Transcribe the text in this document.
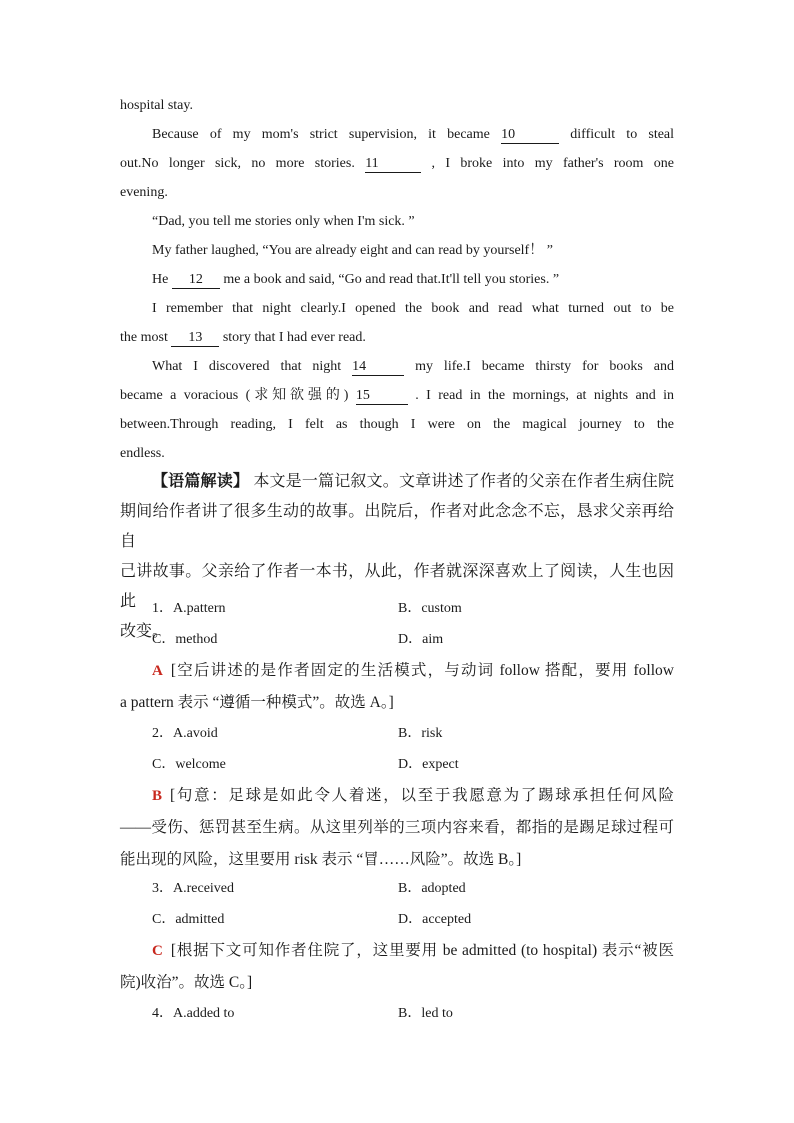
hospital stay.

Because of my mom's strict supervision, it became 10	difficult to steal

out.No longer sick, no more stories. 11	, I broke into my father's room one

evening.

“Dad, you tell me stories only when I'm sick. ”

My father laughed, “You are already eight and can read by yourself！ ”

He 12 me a book and said, “Go and read that.It'll tell you stories. ”

I remember that night clearly.I opened the book and read what turned out to be

the most 13 story that I had ever read.

What I discovered that night 14	my life.I became thirsty for books and

became a voracious (求知欲强的) 15	. I read in the mornings, at nights and in

between.Through reading, I felt as though I were on the magical journey to the

endless.

【语篇解读】 本文是一篇记叙文。文章讲述了作者的父亲在作者生病住院

期间给作者讲了很多生动的故事。出院后，作者对此念念不忘，恳求父亲再给自

己讲故事。父亲给了作者一本书，从此，作者就深深喜欢上了阅读，人生也因此

改变。

1．A.pattern	B．custom
C．method	D．aim

A [空后讲述的是作者固定的生活模式，与动词 follow 搭配，要用 follow

a pattern 表示 “遵循一种模式”。故选 A。]

2．A.avoid	B．risk
C．welcome	D．expect

B [句意：足球是如此令人着迷，以至于我愿意为了踢球承担任何风险

——受伤、惩罚甚至生病。从这里列举的三项内容来看，都指的是踢足球过程可

能出现的风险，这里要用 risk 表示 “冒……风险”。故选 B。]

3．A.received	B．adopted
C．admitted	D．accepted

C [根据下文可知作者住院了，这里要用 be admitted (to hospital) 表示“被医

院)收治”。故选 C。]

4．A.added to	B．led to
